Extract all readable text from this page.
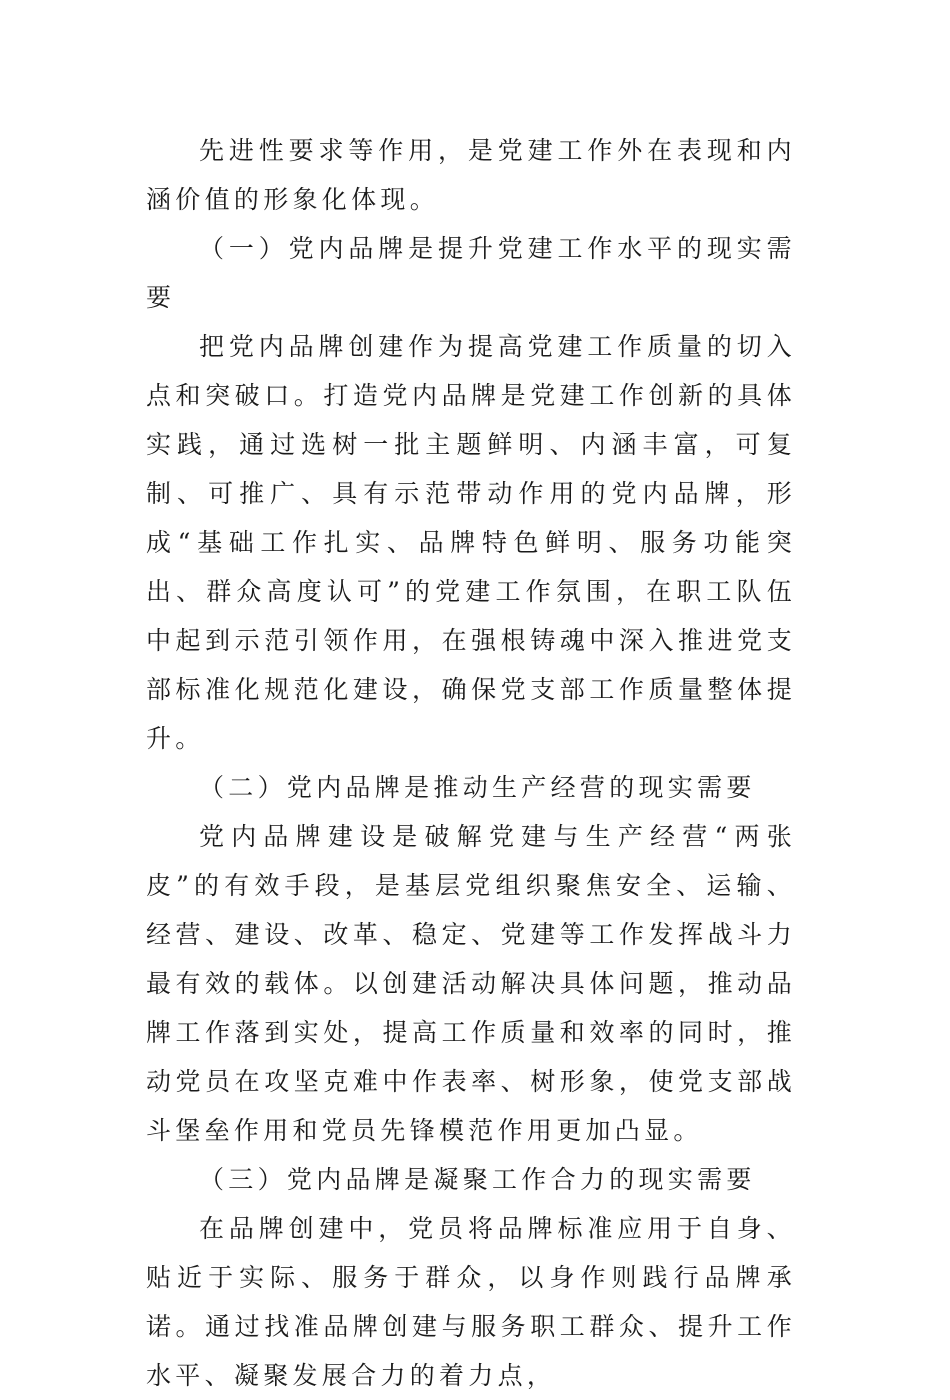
先进性要求等作用，是党建工作外在表现和内涵价值的形象化体现。

（一）党内品牌是提升党建工作水平的现实需要

把党内品牌创建作为提高党建工作质量的切入点和突破口。打造党内品牌是党建工作创新的具体实践，通过选树一批主题鲜明、内涵丰富，可复制、可推广、具有示范带动作用的党内品牌，形成“基础工作扎实、品牌特色鲜明、服务功能突出、群众高度认可”的党建工作氛围，在职工队伍中起到示范引领作用，在强根铸魂中深入推进党支部标准化规范化建设，确保党支部工作质量整体提升。

（二）党内品牌是推动生产经营的现实需要

党内品牌建设是破解党建与生产经营“两张皮”的有效手段，是基层党组织聚焦安全、运输、经营、建设、改革、稳定、党建等工作发挥战斗力最有效的载体。以创建活动解决具体问题，推动品牌工作落到实处，提高工作质量和效率的同时，推动党员在攻坚克难中作表率、树形象，使党支部战斗堡垒作用和党员先锋模范作用更加凸显。

（三）党内品牌是凝聚工作合力的现实需要

在品牌创建中，党员将品牌标准应用于自身、贴近于实际、服务于群众，以身作则践行品牌承诺。通过找准品牌创建与服务职工群众、提升工作水平、凝聚发展合力的着力点，
